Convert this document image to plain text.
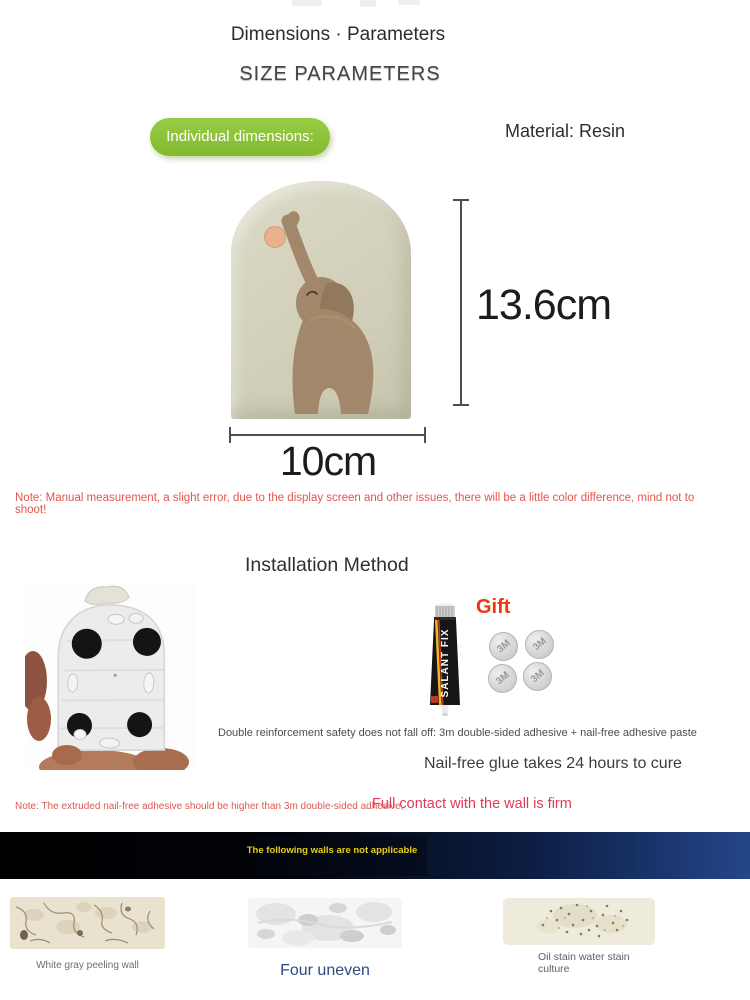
Dimensions · Parameters
SIZE PARAMETERS
Individual dimensions:	Material: Resin
13.6cm
10cm
Note: Manual measurement, a slight error, due to the display screen and other issues, there will be a little color difference, mind not to shoot!
Installation Method
Gift
SALANT FIX	3M 3M
3M 3M
Double reinforcement safety does not fall off: 3m double-sided adhesive + nail-free adhesive paste
Nail-free glue takes 24 hours to cure
Note: The extruded nail-free adhesive should be higher than 3m double-sided adhesive,
Full contact with the wall is firm
The following walls are not applicable
White gray peeling wall	Four uneven
Oil stain water stain culture
